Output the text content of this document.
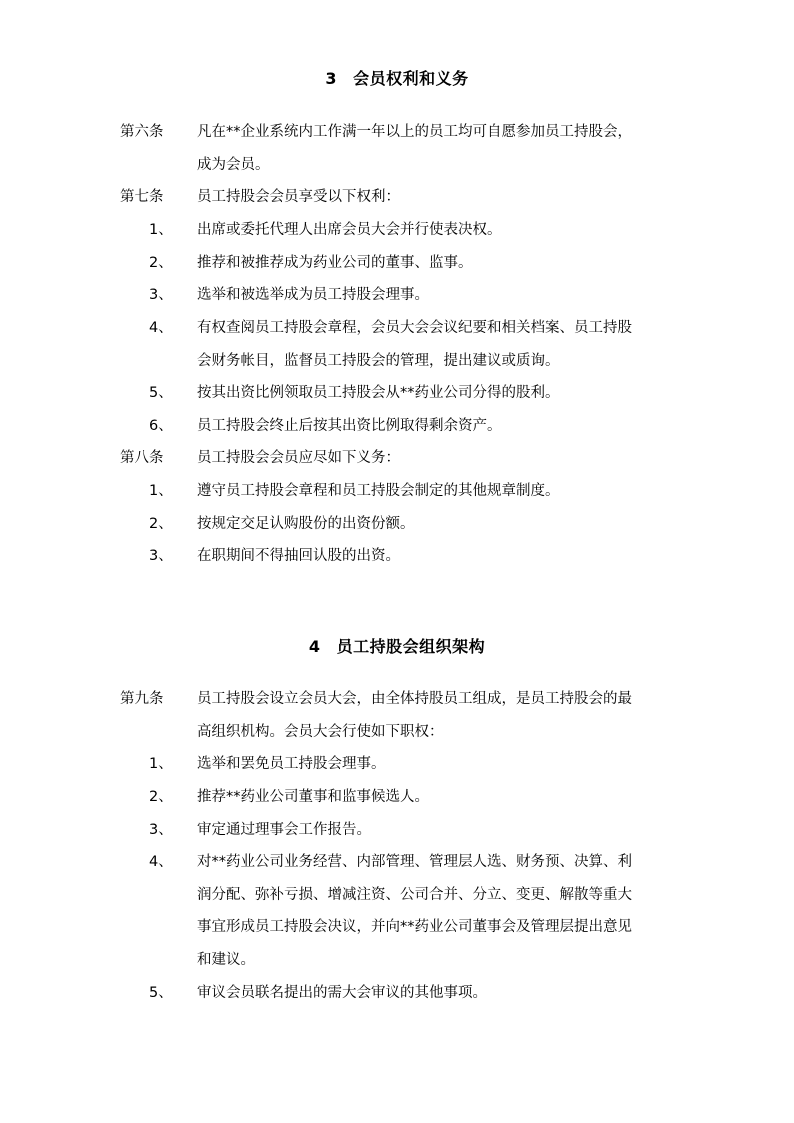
3 会员权利和义务
第六条 凡在**企业系统内工作满一年以上的员工均可自愿参加员工持股会，
成为会员。
第七条 员工持股会会员享受以下权利：
1、 出席或委托代理人出席会员大会并行使表决权。
2、 推荐和被推荐成为药业公司的董事、监事。
3、 选举和被选举成为员工持股会理事。
4、 有权查阅员工持股会章程，会员大会会议纪要和相关档案、员工持股
会财务帐目，监督员工持股会的管理，提出建议或质询。
5、 按其出资比例领取员工持股会从**药业公司分得的股利。
6、 员工持股会终止后按其出资比例取得剩余资产。
第八条 员工持股会会员应尽如下义务：
1、 遵守员工持股会章程和员工持股会制定的其他规章制度。
2、 按规定交足认购股份的出资份额。
3、 在职期间不得抽回认股的出资。
4 员工持股会组织架构
第九条 员工持股会设立会员大会，由全体持股员工组成，是员工持股会的最
高组织机构。会员大会行使如下职权：
1、 选举和罢免员工持股会理事。
2、 推荐**药业公司董事和监事候选人。
3、 审定通过理事会工作报告。
4、 对**药业公司业务经营、内部管理、管理层人选、财务预、决算、利
润分配、弥补亏损、增减注资、公司合并、分立、变更、解散等重大
事宜形成员工持股会决议，并向**药业公司董事会及管理层提出意见
和建议。
5、 审议会员联名提出的需大会审议的其他事项。
